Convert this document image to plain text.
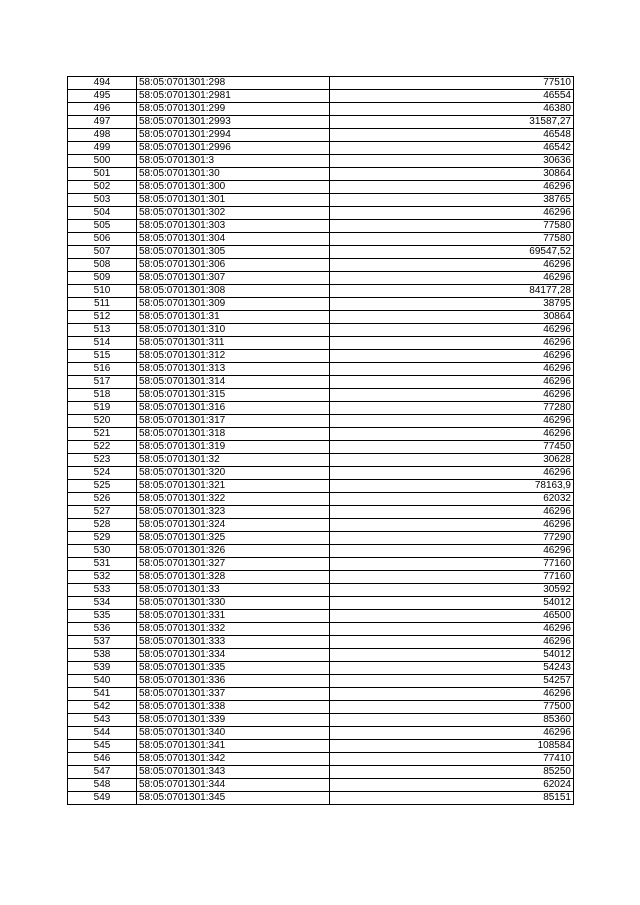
494	58:05:0701301:298	77510
495	58:05:0701301:2981	46554
496	58:05:0701301:299	46380
497	58:05:0701301:2993	31587,27
498	58:05:0701301:2994	46548
499	58:05:0701301:2996	46542
500	58:05:0701301:3	30636
501	58:05:0701301:30	30864
502	58:05:0701301:300	46296
503	58:05:0701301:301	38765
504	58:05:0701301:302	46296
505	58:05:0701301:303	77580
506	58:05:0701301:304	77580
507	58:05:0701301:305	69547,52
508	58:05:0701301:306	46296
509	58:05:0701301:307	46296
510	58:05:0701301:308	84177,28
511	58:05:0701301:309	38795
512	58:05:0701301:31	30864
513	58:05:0701301:310	46296
514	58:05:0701301:311	46296
515	58:05:0701301:312	46296
516	58:05:0701301:313	46296
517	58:05:0701301:314	46296
518	58:05:0701301:315	46296
519	58:05:0701301:316	77280
520	58:05:0701301:317	46296
521	58:05:0701301:318	46296
522	58:05:0701301:319	77450
523	58:05:0701301:32	30628
524	58:05:0701301:320	46296
525	58:05:0701301:321	78163,9
526	58:05:0701301:322	62032
527	58:05:0701301:323	46296
528	58:05:0701301:324	46296
529	58:05:0701301:325	77290
530	58:05:0701301:326	46296
531	58:05:0701301:327	77160
532	58:05:0701301:328	77160
533	58:05:0701301:33	30592
534	58:05:0701301:330	54012
535	58:05:0701301:331	46500
536	58:05:0701301:332	46296
537	58:05:0701301:333	46296
538	58:05:0701301:334	54012
539	58:05:0701301:335	54243
540	58:05:0701301:336	54257
541	58:05:0701301:337	46296
542	58:05:0701301:338	77500
543	58:05:0701301:339	85360
544	58:05:0701301:340	46296
545	58:05:0701301:341	108584
546	58:05:0701301:342	77410
547	58:05:0701301:343	85250
548	58:05:0701301:344	62024
549	58:05:0701301:345	85151
